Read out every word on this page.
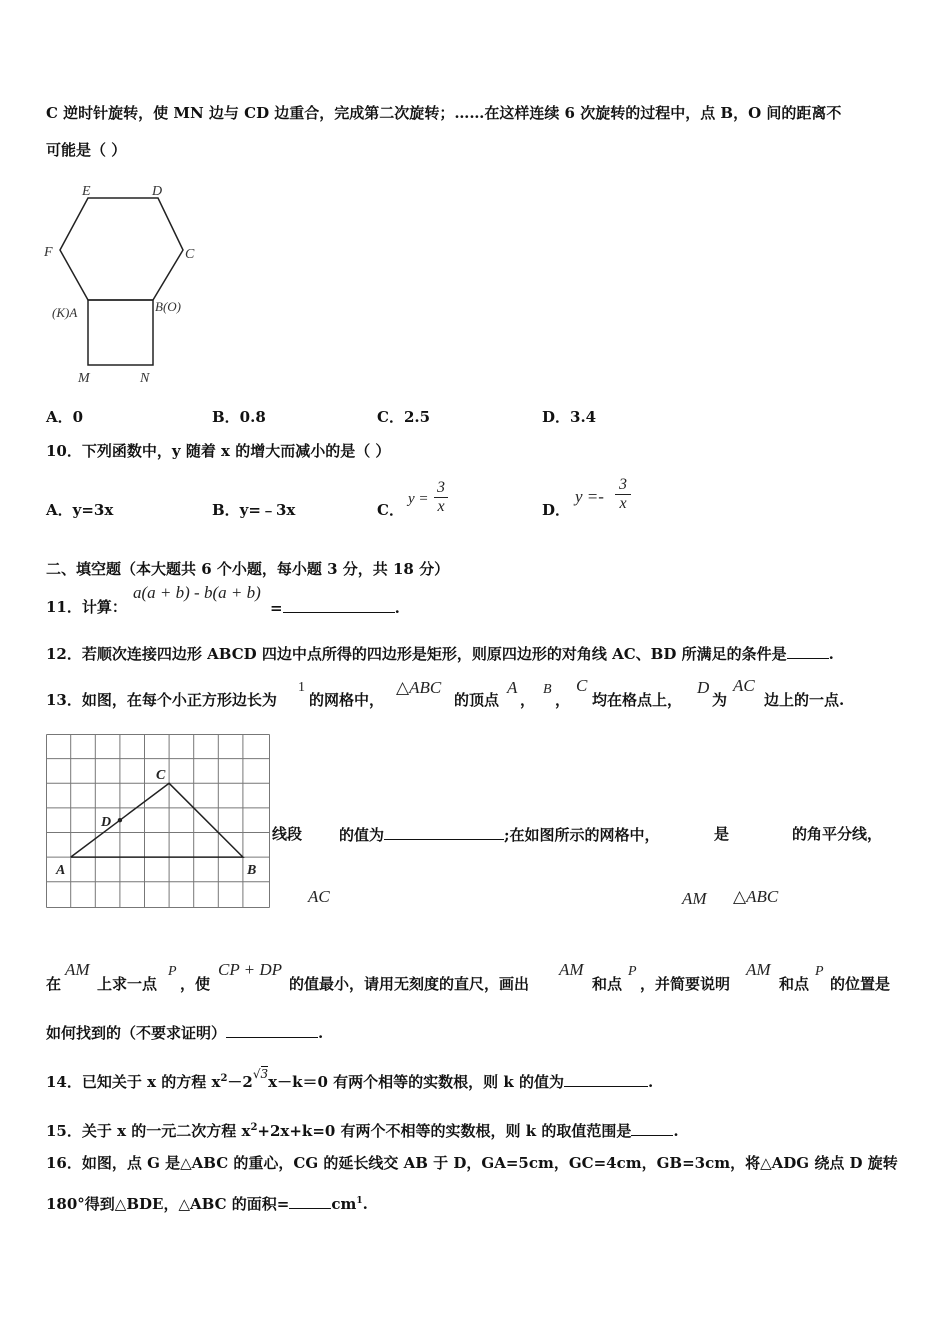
C 逆时针旋转，使 MN 边与 CD 边重合，完成第二次旋转；……在这样连续 6 次旋转的过程中，点 B，O 间的距离不
可能是（ ）
E	D
F	C
(K)A	B(O)
M	N
A．0	B．0.8	C．2.5	D．3.4
10．下列函数中，y 随着 x 的增大而减小的是（ ）
A．y=3x	B．y=﹣3x	C．
$y = \frac{3}{x}$	D．
$y =- \frac{3}{x}$
二、填空题（本大题共 6 个小题，每小题 3 分，共 18 分）
11．计算：
a(a + b) - b(a + b)
=	.
12．若顺次连接四边形 ABCD 四边中点所得的四边形是矩形，则原四边形的对角线 AC、BD 所满足的条件是	.
13．如图，在每个小正方形边长为
1
的网格中，
△ABC
的顶点
A
，
B
，
C
均在格点上，
D
为
AC
边上的一点.
A	B
C
D
线段 的值为	;在如图所示的网格中，	是	的角平分线，
AC	AM △ABC
在
AM
上求一点
P
，使
CP + DP
的值最小，请用无刻度的直尺，画出
AM
和点
P
，并简要说明
AM
和点
P
的位置是
如何找到的（不要求证明）	.
14．已知关于 x 的方程 $x^2-2^{√3}x-k=0$ 有两个相等的实数根，则 k 的值为	.
15．关于 x 的一元二次方程 $x^2+2x+k=0$ 有两个不相等的实数根，则 k 的取值范围是	.
16．如图，点 G 是△ABC 的重心，CG 的延长线交 AB 于 D，GA=5cm，GC=4cm，GB=3cm，将△ADG 绕点 D 旋转
180°得到△BDE，△ABC 的面积=	$cm^1$.
